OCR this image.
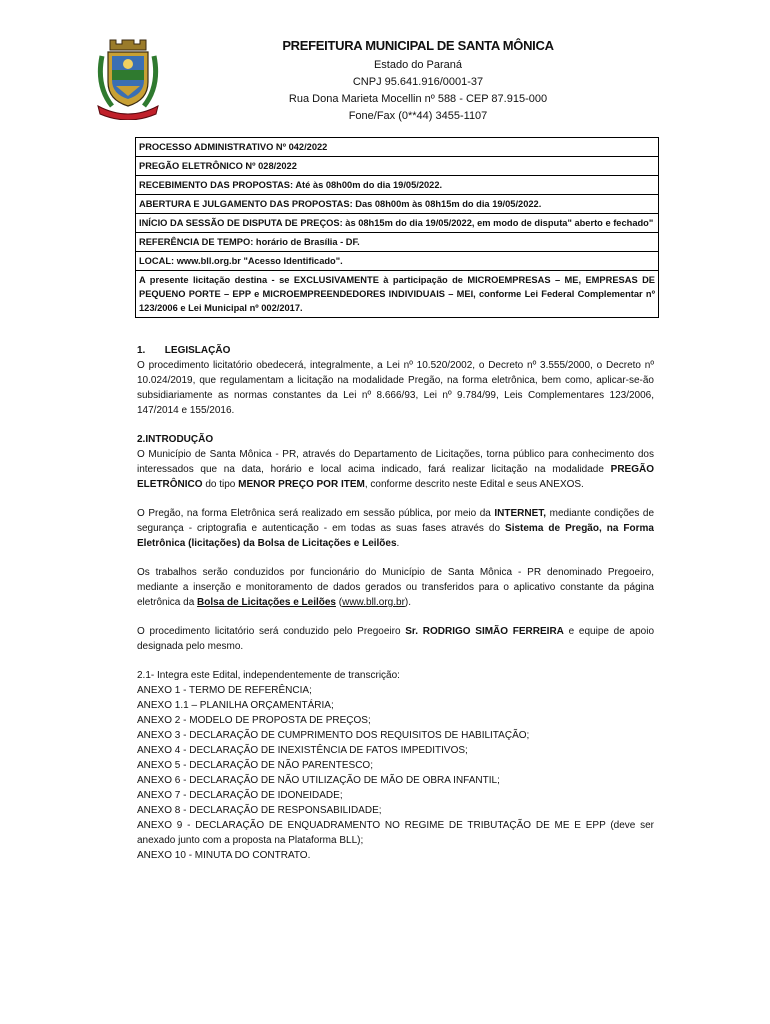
PREFEITURA MUNICIPAL DE SANTA MÔNICA
Estado do Paraná
CNPJ 95.641.916/0001-37
Rua Dona Marieta Mocellin nº 588 - CEP 87.915-000
Fone/Fax (0**44) 3455-1107
PROCESSO ADMINISTRATIVO Nº 042/2022
PREGÃO ELETRÔNICO Nº 028/2022
RECEBIMENTO DAS PROPOSTAS: Até às 08h00m do dia 19/05/2022.
ABERTURA E JULGAMENTO DAS PROPOSTAS: Das 08h00m às 08h15m do dia 19/05/2022.
INÍCIO DA SESSÃO DE DISPUTA DE PREÇOS: às 08h15m do dia 19/05/2022, em modo de disputa" aberto e fechado"
REFERÊNCIA DE TEMPO: horário de Brasília - DF.
LOCAL: www.bll.org.br "Acesso Identificado".
A presente licitação destina - se EXCLUSIVAMENTE à participação de MICROEMPRESAS – ME, EMPRESAS DE PEQUENO PORTE – EPP e MICROEMPREENDEDORES INDIVIDUAIS – MEI, conforme Lei Federal Complementar nº 123/2006 e Lei Municipal nº 002/2017.

1. LEGISLAÇÃO

O procedimento licitatório obedecerá, integralmente, a Lei nº 10.520/2002, o Decreto nº 3.555/2000, o Decreto nº 10.024/2019, que regulamentam a licitação na modalidade Pregão, na forma eletrônica, bem como, aplicar-se-ão subsidiariamente as normas constantes da Lei nº 8.666/93, Lei nº 9.784/99, Leis Complementares 123/2006, 147/2014 e 155/2016.

2.INTRODUÇÃO

O Município de Santa Mônica - PR, através do Departamento de Licitações, torna público para conhecimento dos interessados que na data, horário e local acima indicado, fará realizar licitação na modalidade PREGÃO ELETRÔNICO do tipo MENOR PREÇO POR ITEM, conforme descrito neste Edital e seus ANEXOS.

O Pregão, na forma Eletrônica será realizado em sessão pública, por meio da INTERNET, mediante condições de segurança - criptografia e autenticação - em todas as suas fases através do Sistema de Pregão, na Forma Eletrônica (licitações) da Bolsa de Licitações e Leilões.

Os trabalhos serão conduzidos por funcionário do Município de Santa Mônica - PR denominado Pregoeiro, mediante a inserção e monitoramento de dados gerados ou transferidos para o aplicativo constante da página eletrônica da Bolsa de Licitações e Leilões (www.bll.org.br).

O procedimento licitatório será conduzido pelo Pregoeiro Sr. RODRIGO SIMÃO FERREIRA e equipe de apoio designada pelo mesmo.

2.1- Integra este Edital, independentemente de transcrição:

ANEXO 1 - TERMO DE REFERÊNCIA;

ANEXO 1.1 – PLANILHA ORÇAMENTÁRIA;

ANEXO 2 - MODELO DE PROPOSTA DE PREÇOS;

ANEXO 3 - DECLARAÇÃO DE CUMPRIMENTO DOS REQUISITOS DE HABILITAÇÃO;

ANEXO 4 - DECLARAÇÃO DE INEXISTÊNCIA DE FATOS IMPEDITIVOS;

ANEXO 5 - DECLARAÇÃO DE NÃO PARENTESCO;

ANEXO 6 - DECLARAÇÃO DE NÃO UTILIZAÇÃO DE MÃO DE OBRA INFANTIL;

ANEXO 7 - DECLARAÇÃO DE IDONEIDADE;

ANEXO 8 - DECLARAÇÃO DE RESPONSABILIDADE;

ANEXO 9 - DECLARAÇÃO DE ENQUADRAMENTO NO REGIME DE TRIBUTAÇÃO DE ME E EPP (deve ser anexado junto com a proposta na Plataforma BLL);

ANEXO 10 - MINUTA DO CONTRATO.
